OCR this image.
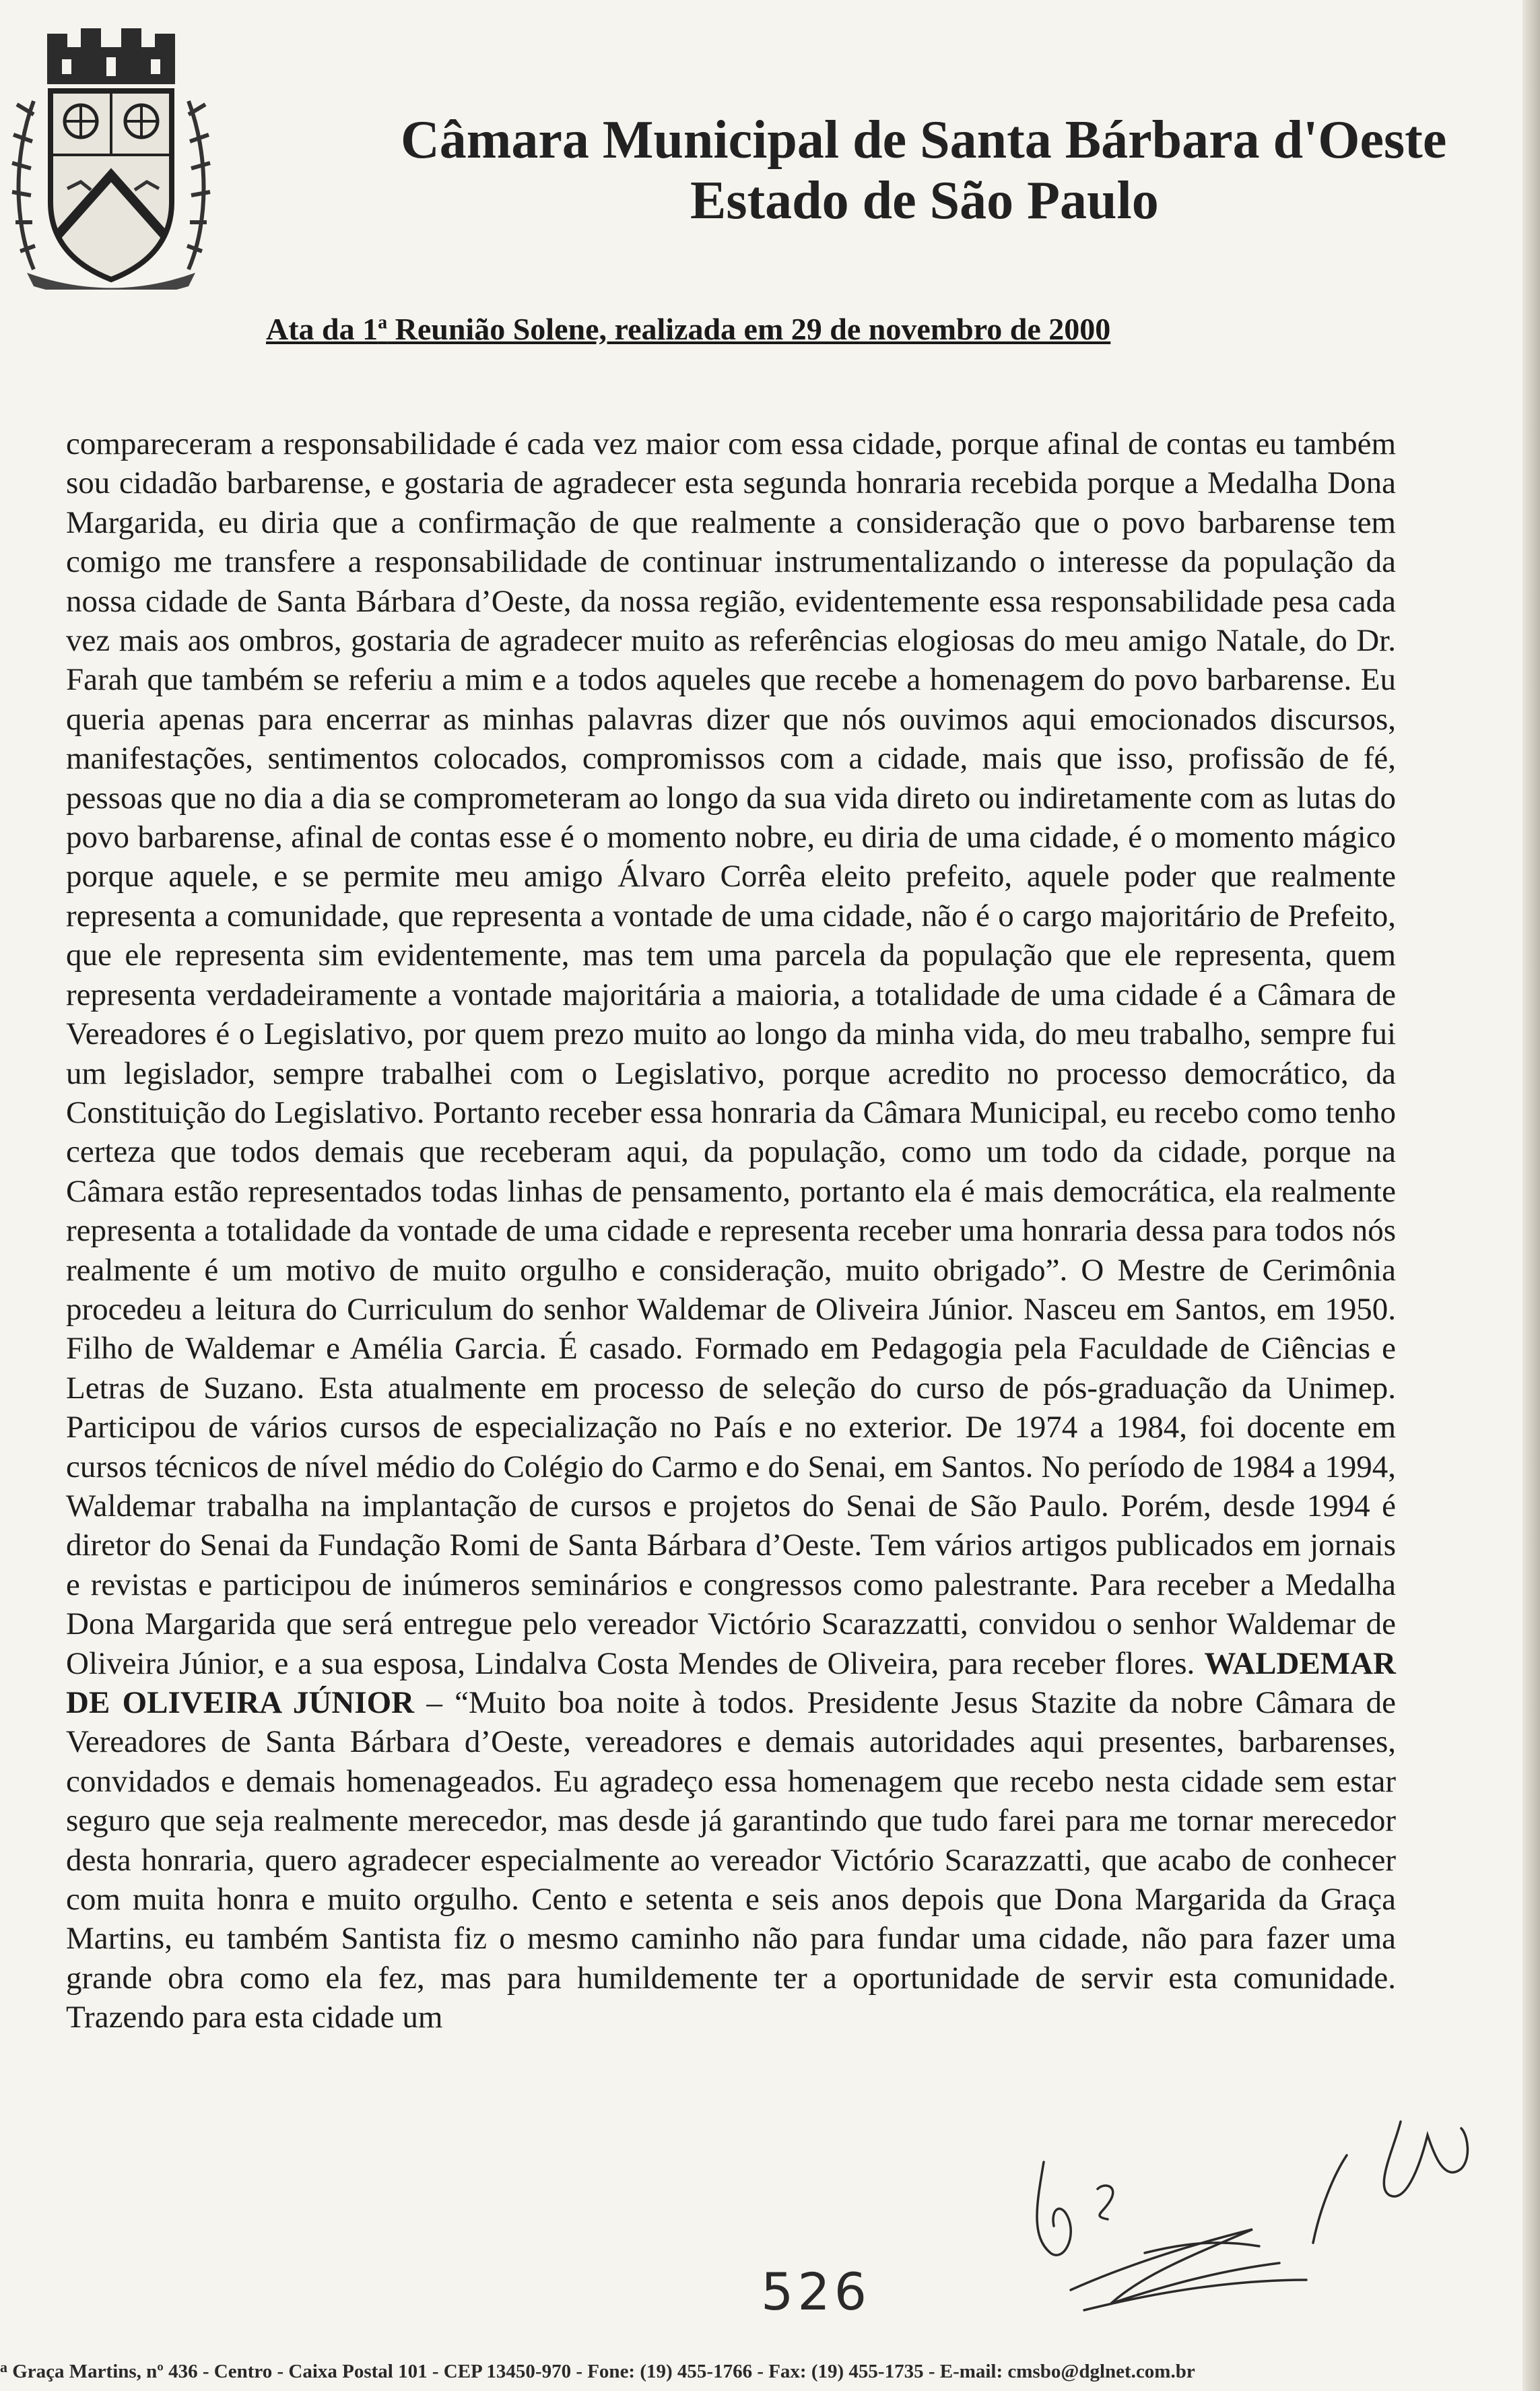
Câmara Municipal de Santa Bárbara d'Oeste
Estado de São Paulo
Ata da 1$^a$ Reunião Solene, realizada em 29 de novembro de 2000

compareceram a responsabilidade é cada vez maior com essa cidade, porque afinal de contas eu também sou cidadão barbarense, e gostaria de agradecer esta segunda honraria recebida porque a Medalha Dona Margarida, eu diria que a confirmação de que realmente a consideração que o povo barbarense tem comigo me transfere a responsabilidade de continuar instrumentalizando o interesse da população da nossa cidade de Santa Bárbara d’Oeste, da nossa região, evidentemente essa responsabilidade pesa cada vez mais aos ombros, gostaria de agradecer muito as referências elogiosas do meu amigo Natale, do Dr. Farah que também se referiu a mim e a todos aqueles que recebe a homenagem do povo barbarense. Eu queria apenas para encerrar as minhas palavras dizer que nós ouvimos aqui emocionados discursos, manifestações, sentimentos colocados, compromissos com a cidade, mais que isso, profissão de fé, pessoas que no dia a dia se comprometeram ao longo da sua vida direto ou indiretamente com as lutas do povo barbarense, afinal de contas esse é o momento nobre, eu diria de uma cidade, é o momento mágico porque aquele, e se permite meu amigo Álvaro Corrêa eleito prefeito, aquele poder que realmente representa a comunidade, que representa a vontade de uma cidade, não é o cargo majoritário de Prefeito, que ele representa sim evidentemente, mas tem uma parcela da população que ele representa, quem representa verdadeiramente a vontade majoritária a maioria, a totalidade de uma cidade é a Câmara de Vereadores é o Legislativo, por quem prezo muito ao longo da minha vida, do meu trabalho, sempre fui um legislador, sempre trabalhei com o Legislativo, porque acredito no processo democrático, da Constituição do Legislativo. Portanto receber essa honraria da Câmara Municipal, eu recebo como tenho certeza que todos demais que receberam aqui, da população, como um todo da cidade, porque na Câmara estão representados todas linhas de pensamento, portanto ela é mais democrática, ela realmente representa a totalidade da vontade de uma cidade e representa receber uma honraria dessa para todos nós realmente é um motivo de muito orgulho e consideração, muito obrigado”. O Mestre de Cerimônia procedeu a leitura do Curriculum do senhor Waldemar de Oliveira Júnior. Nasceu em Santos, em 1950. Filho de Waldemar e Amélia Garcia. É casado. Formado em Pedagogia pela Faculdade de Ciências e Letras de Suzano. Esta atualmente em processo de seleção do curso de pós-graduação da Unimep. Participou de vários cursos de especialização no País e no exterior. De 1974 a 1984, foi docente em cursos técnicos de nível médio do Colégio do Carmo e do Senai, em Santos. No período de 1984 a 1994, Waldemar trabalha na implantação de cursos e projetos do Senai de São Paulo. Porém, desde 1994 é diretor do Senai da Fundação Romi de Santa Bárbara d’Oeste. Tem vários artigos publicados em jornais e revistas e participou de inúmeros seminários e congressos como palestrante. Para receber a Medalha Dona Margarida que será entregue pelo vereador Victório Scarazzatti, convidou o senhor Waldemar de Oliveira Júnior, e a sua esposa, Lindalva Costa Mendes de Oliveira, para receber flores. WALDEMAR DE OLIVEIRA JÚNIOR – “Muito boa noite à todos. Presidente Jesus Stazite da nobre Câmara de Vereadores de Santa Bárbara d’Oeste, vereadores e demais autoridades aqui presentes, barbarenses, convidados e demais homenageados. Eu agradeço essa homenagem que recebo nesta cidade sem estar seguro que seja realmente merecedor, mas desde já garantindo que tudo farei para me tornar merecedor desta honraria, quero agradecer especialmente ao vereador Victório Scarazzatti, que acabo de conhecer com muita honra e muito orgulho. Cento e setenta e seis anos depois que Dona Margarida da Graça Martins, eu também Santista fiz o mesmo caminho não para fundar uma cidade, não para fazer uma grande obra como ela fez, mas para humildemente ter a oportunidade de servir esta comunidade. Trazendo para esta cidade um

526
$^a$ Graça Martins, nº 436 - Centro - Caixa Postal 101 - CEP 13450-970 - Fone: (19) 455-1766 - Fax: (19) 455-1735 - E-mail: cmsbo@dglnet.com.br
